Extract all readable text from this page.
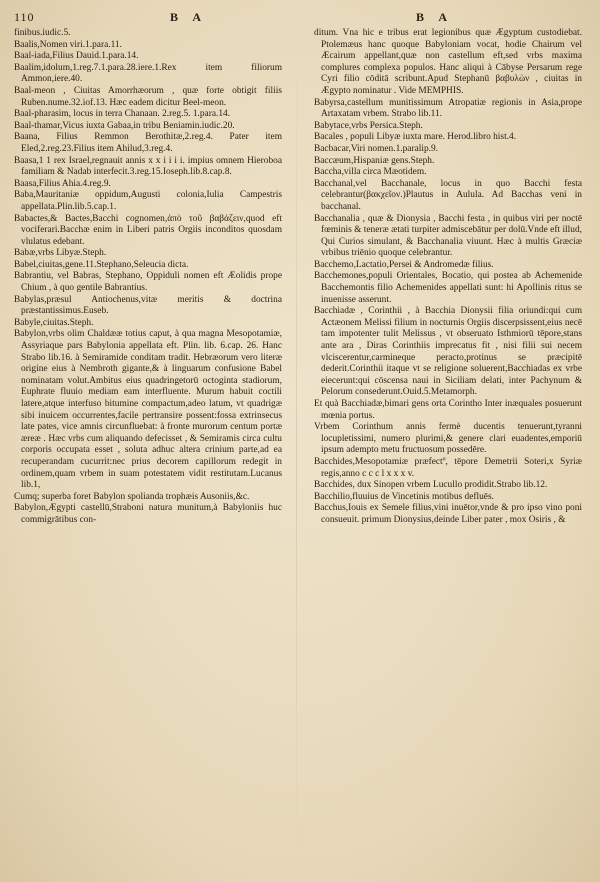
110	B A	B A

finibus.iudic.5.

Baalis,Nomen viri.1.para.11.

Baal-iada,Filius Dauid.1.para.14.

Baalim,idolum,1.reg.7.1.para.28.iere.1.Rex item filiorum Ammon,iere.40.

Baal-meon , Ciuitas Amorrhæorum , quæ forte obtigit filiis Ruben.nume.32.iof.13. Hæc eadem dicitur Beel-meon.

Baal-pharasim, locus in terra Chanaan. 2.reg.5. 1.para.14.

Baal-thamar,Vicus iuxta Gabaa,in tribu Beniamin.iudic.20.

Baana, Filius Remmon Berothitæ,2.reg.4. Pater item Eled,2.reg.23.Filius item Ahilud,3.reg.4.

Baasa,1 1 rex Israel,regnauit annis x x i i i i. impius omnem Hieroboa familiam & Nadab interfecit.3.reg.15.Ioseph.lib.8.cap.8.

Baasa,Filius Ahia.4.reg.9.

Baba,Mauritaniæ oppidum,Augusti colonia,Iulia Campestris appellata.Plin.lib.5.cap.1.

Babactes,& Bactes,Bacchi cognomen,ἀπὸ τοῦ βαβάζειν,quod eft vociferari.Bacchæ enim in Liberi patris Orgiis inconditos quosdam vlulatus edebant.

Babæ,vrbs Libyæ.Steph.

Babel,ciuitas,gene.11.Stephano,Seleucia dicta.

Babrantiu, vel Babras, Stephano, Oppiduli nomen eft Æolidis prope Chium , à quo gentile Babrantius.

Babylas,præsul Antiochenus,vitæ meritis & doctrina præstantissimus.Euseb.

Babyle,ciuitas.Steph.

Babylon,vrbs olim Chaldææ totius caput, à qua magna Mesopotamiæ, Assyriaque pars Babylonia appellata eft. Plin. lib. 6.cap. 26. Hanc Strabo lib.16. à Semiramide conditam tradit. Hebræorum vero literæ origine eius à Nembroth gigante,& à linguarum confusione Babel nominatam volut.Ambitus eius quadringetorū octoginta stadiorum, Euphrate fluuio mediam eam interfluente. Murum habuit coctili latere,atque interfuso bitumine compactum,adeo latum, vt quadrigæ sibi inuicem occurrentes,facile pertransire possent:fossa extrinsecus late pates, vice amnis circunfluebat: à fronte murorum centum portæ æreæ . Hæc vrbs cum aliquando defecisset , & Semiramis circa cultu corporis occupata esset , soluta adhuc altera crinium parte,ad ea recuperandam cucurrit:nec prius decorem capillorum redegit in ordinem,quam vrbem in suam potestatem vidit restitutam.Lucanus lib.1,

Cumq; superba foret Babylon spolianda trophæis Ausoniis,&c.

Babylon,Ægypti castellū,Straboni natura munitum,à Babyloniis huc commigrātibus con-

ditum. Vna hic e tribus erat legionibus quæ Ægyptum custodiebat. Ptolemæus hanc quoque Babyloniam vocat, hodie Chairum vel Æcairum appellant,quæ non castellum eft,sed vrbs maxima complures complexa populos. Hanc aliqui à Cābyse Persarum rege Cyri filio cōditā scribunt.Apud Stephanū βαβυλὼν , ciuitas in Ægypto nominatur . Vide MEMPHIS.

Babyrsa,castellum munitissimum Atropatiæ regionis in Asia,prope Artaxatam vrbem. Strabo lib.11.

Babytace,vrbs Persica.Steph.

Bacales , populi Libyæ iuxta mare. Herod.libro hist.4.

Bacbacar,Viri nomen.1.paralip.9.

Baccæum,Hispaniæ gens.Steph.

Baccha,villa circa Mæotidem.

Bacchanal,vel Bacchanale, locus in quo Bacchi festa celebrantur(βακχεῖον.)Plautus in Aulula. Ad Bacchas veni in bacchanal.

Bacchanalia , quæ & Dionysia , Bacchi festa , in quibus viri per noctē fœminis & teneræ ætati turpiter admiscebātur per dolū.Vnde eft illud, Qui Curios simulant, & Bacchanalia viuunt. Hæc à multis Græciæ vrbibus triēnio quoque celebrantur.

Bacchemo,Lactatio,Persei & Andromedæ filius.

Bacchemones,populi Orientales, Bocatio, qui postea ab Achemenide Bacchemontis filio Achemenides appellati sunt: hi Apollinis ritus se inuenisse asserunt.

Bacchiadæ , Corinthii , à Bacchia Dionysii filia oriundi:qui cum Actæonem Melissi filium in nocturnis Orgiis discerpsissent,eius necē tam impotenter tulit Melissus , vt obseruato Isthmiorū tēpore,stans ante ara , Diras Corinthiis imprecatus fit , nisi filii sui necem vlciscerentur,carmineque peracto,protinus se præcipitē dederit.Corinthii itaque vt se religione soluerent,Bacchiadas ex vrbe eiecerunt:qui cōscensa naui in Siciliam delati, inter Pachynum & Pelorum consederunt.Ouid.5.Metamorph.

Et quà Bacchiadæ,bimari gens orta Corintho Inter inæquales posuerunt mœnia portus.

Vrbem Corinthum annis fermè ducentis tenuerunt,tyranni locupletissimi, numero plurimi,& genere clari euadentes,emporiū ipsum adempto metu fructuosum possedēre.

Bacchides,Mesopotamiæ præfectº, tēpore Demetrii Soteri,x Syriæ regis,anno c c c l x x x v.

Bacchides, dux Sinopen vrbem Lucullo prodidit.Strabo lib.12.

Bacchilio,fluuius de Vincetinis motibus defluēs.

Bacchus,Iouis ex Semele filius,vini inuētor,vnde & pro ipso vino poni consueuit. primum Dionysius,deinde Liber pater , mox Osiris , &
